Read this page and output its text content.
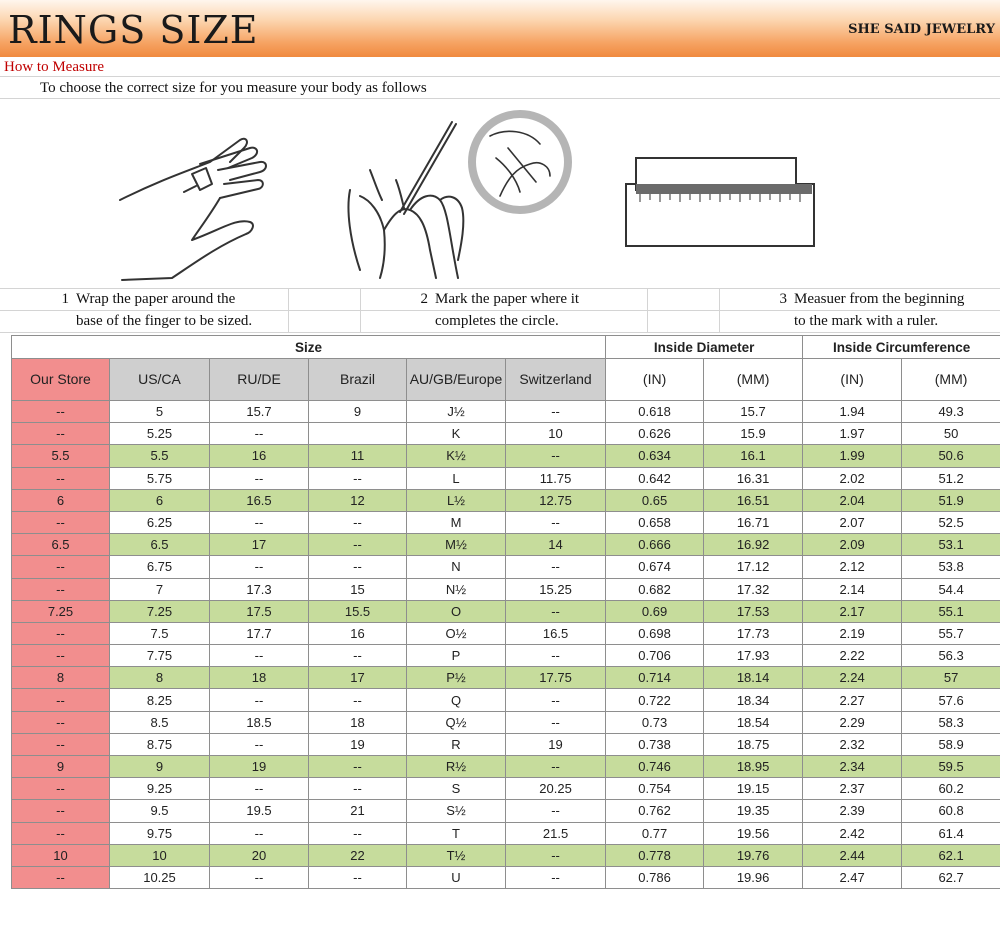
RINGS SIZE	SHE SAID JEWELRY
How to Measure
To choose the correct size for you measure your body as follows
1 Wrap the paper around the
base of the finger to be sized.
2 Mark the paper where it
completes the circle.
3 Measuer from the beginning
to the mark with a ruler.
Size						Inside Diameter		Inside Circumference	
Our Store	US/CA	RU/DE	Brazil	AU/GB/Europe	Switzerland	(IN)	(MM)	(IN)	(MM)
--	5	15.7	9	J½	--	0.618	15.7	1.94	49.3
--	5.25	--		K	10	0.626	15.9	1.97	50
5.5	5.5	16	11	K½	--	0.634	16.1	1.99	50.6
--	5.75	--	--	L	11.75	0.642	16.31	2.02	51.2
6	6	16.5	12	L½	12.75	0.65	16.51	2.04	51.9
--	6.25	--	--	M	--	0.658	16.71	2.07	52.5
6.5	6.5	17	--	M½	14	0.666	16.92	2.09	53.1
--	6.75	--	--	N	--	0.674	17.12	2.12	53.8
--	7	17.3	15	N½	15.25	0.682	17.32	2.14	54.4
7.25	7.25	17.5	15.5	O	--	0.69	17.53	2.17	55.1
--	7.5	17.7	16	O½	16.5	0.698	17.73	2.19	55.7
--	7.75	--	--	P	--	0.706	17.93	2.22	56.3
8	8	18	17	P½	17.75	0.714	18.14	2.24	57
--	8.25	--	--	Q	--	0.722	18.34	2.27	57.6
--	8.5	18.5	18	Q½	--	0.73	18.54	2.29	58.3
--	8.75	--	19	R	19	0.738	18.75	2.32	58.9
9	9	19	--	R½	--	0.746	18.95	2.34	59.5
--	9.25	--	--	S	20.25	0.754	19.15	2.37	60.2
--	9.5	19.5	21	S½	--	0.762	19.35	2.39	60.8
--	9.75	--	--	T	21.5	0.77	19.56	2.42	61.4
10	10	20	22	T½	--	0.778	19.76	2.44	62.1
--	10.25	--	--	U	--	0.786	19.96	2.47	62.7
